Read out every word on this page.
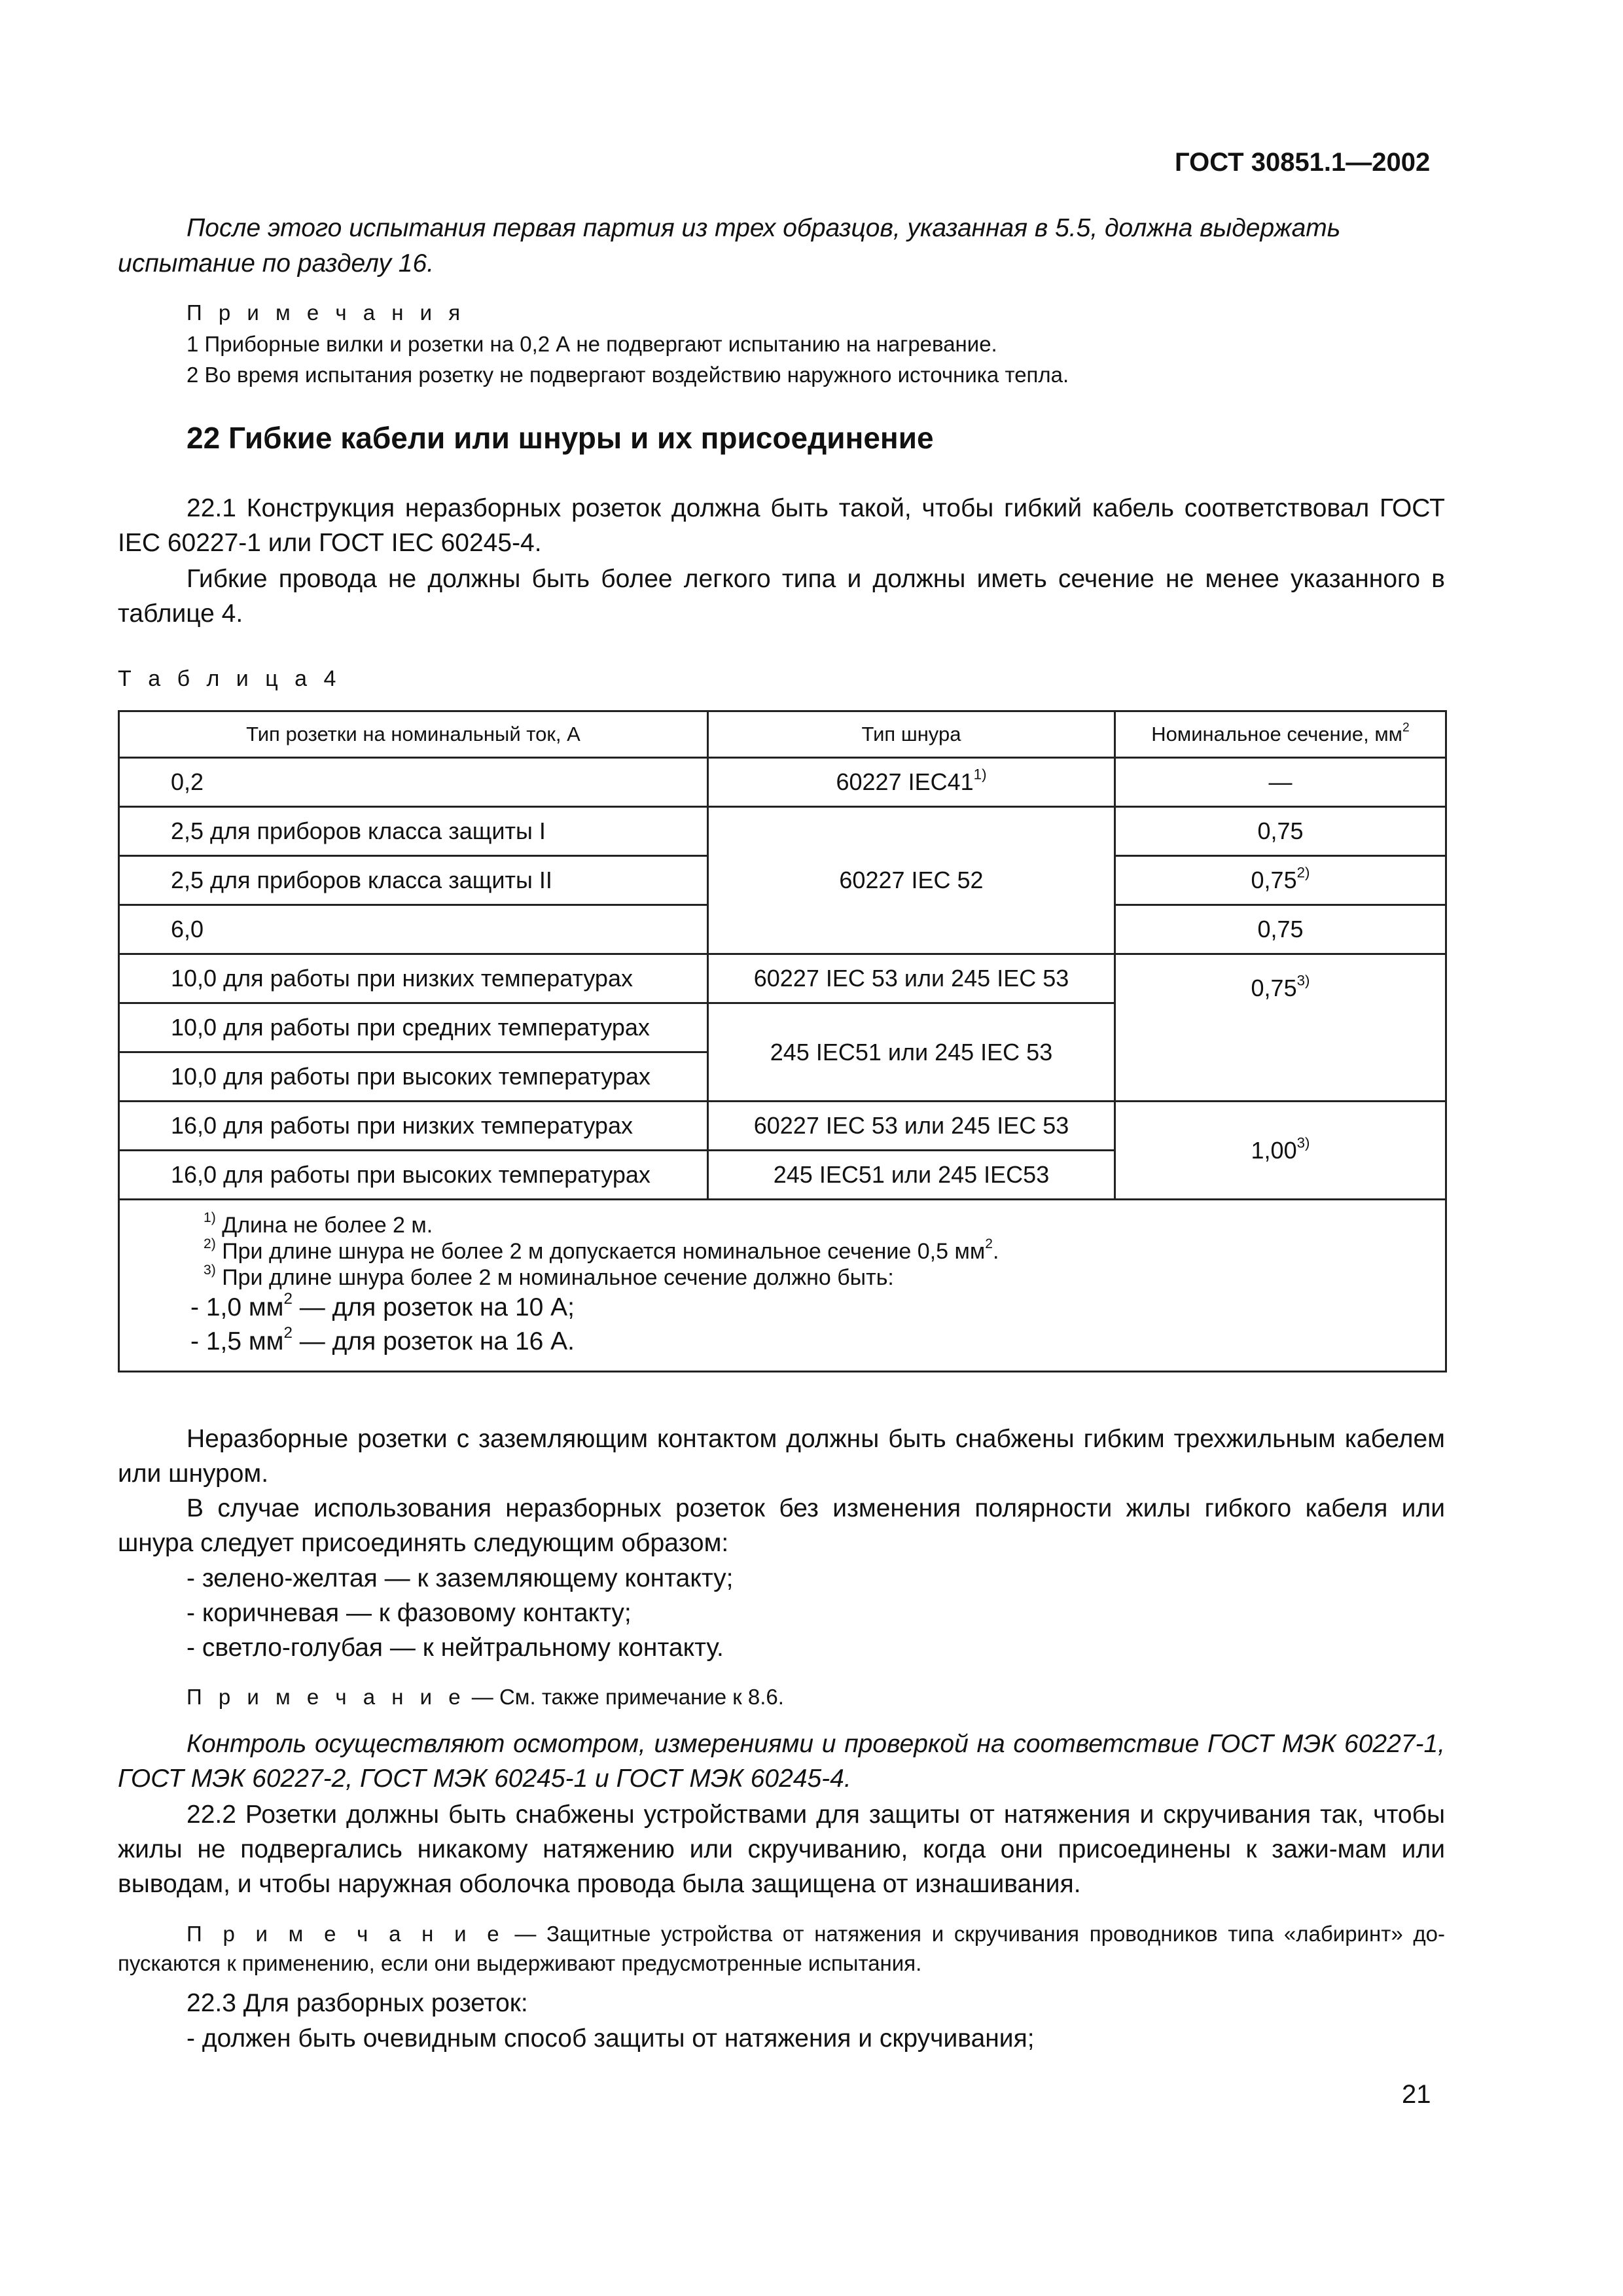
ГОСТ 30851.1—2002
После этого испытания первая партия из трех образцов, указанная в 5.5, должна выдержать
испытание по разделу 16.
П р и м е ч а н и я
1 Приборные вилки и розетки на 0,2 А не подвергают испытанию на нагревание.
2 Во время испытания розетку не подвергают воздействию наружного источника тепла.
22 Гибкие кабели или шнуры и их присоединение
22.1 Конструкция неразборных розеток должна быть такой, чтобы гибкий кабель соответствовал ГОСТ IEC 60227-1 или ГОСТ IEC 60245-4.
Гибкие провода не должны быть более легкого типа и должны иметь сечение не менее указанного в таблице 4.
Т а б л и ц а 4
Тип розетки на номинальный ток, А	Тип шнура	Номинальное сечение, $мм^2$
0,2	60227 IEC41$^{1)}$	—
2,5 для приборов класса защиты I	60227 IEC 52	0,75
2,5 для приборов класса защиты II		0,75$^{2)}$
6,0		0,75
10,0 для работы при низких температурах	60227 IEC 53 или 245 IEC 53	0,75$^{3)}$
10,0 для работы при средних температурах	245 IEC51 или 245 IEC 53	
10,0 для работы при высоких температурах		
16,0 для работы при низких температурах	60227 IEC 53 или 245 IEC 53	1,00$^{3)}$
16,0 для работы при высоких температурах	245 IEC51 или 245 IEC53	

$^{1)}$ Длина не более 2 м.
$^{2)}$ При длине шнура не более 2 м допускается номинальное сечение 0,5 $мм^2$.
$^{3)}$ При длине шнура более 2 м номинальное сечение должно быть:
- 1,0 $мм^2$ — для розеток на 10 А;
- 1,5 $мм^2$ — для розеток на 16 А.		
Неразборные розетки с заземляющим контактом должны быть снабжены гибким трехжильным кабелем или шнуром.
В случае использования неразборных розеток без изменения полярности жилы гибкого кабеля или шнура следует присоединять следующим образом:
- зелено-желтая — к заземляющему контакту;
- коричневая — к фазовому контакту;
- светло-голубая — к нейтральному контакту.
П р и м е ч а н и е — См. также примечание к 8.6.
Контроль осуществляют осмотром, измерениями и проверкой на соответствие ГОСТ МЭК 60227-1, ГОСТ МЭК 60227-2, ГОСТ МЭК 60245-1 и ГОСТ МЭК 60245-4.
22.2 Розетки должны быть снабжены устройствами для защиты от натяжения и скручивания так, чтобы жилы не подвергались никакому натяжению или скручиванию, когда они присоединены к зажи-мам или выводам, и чтобы наружная оболочка провода была защищена от изнашивания.
П р и м е ч а н и е — Защитные устройства от натяжения и скручивания проводников типа «лабиринт» до-пускаются к применению, если они выдерживают предусмотренные испытания.
22.3 Для разборных розеток:
- должен быть очевидным способ защиты от натяжения и скручивания;
21
